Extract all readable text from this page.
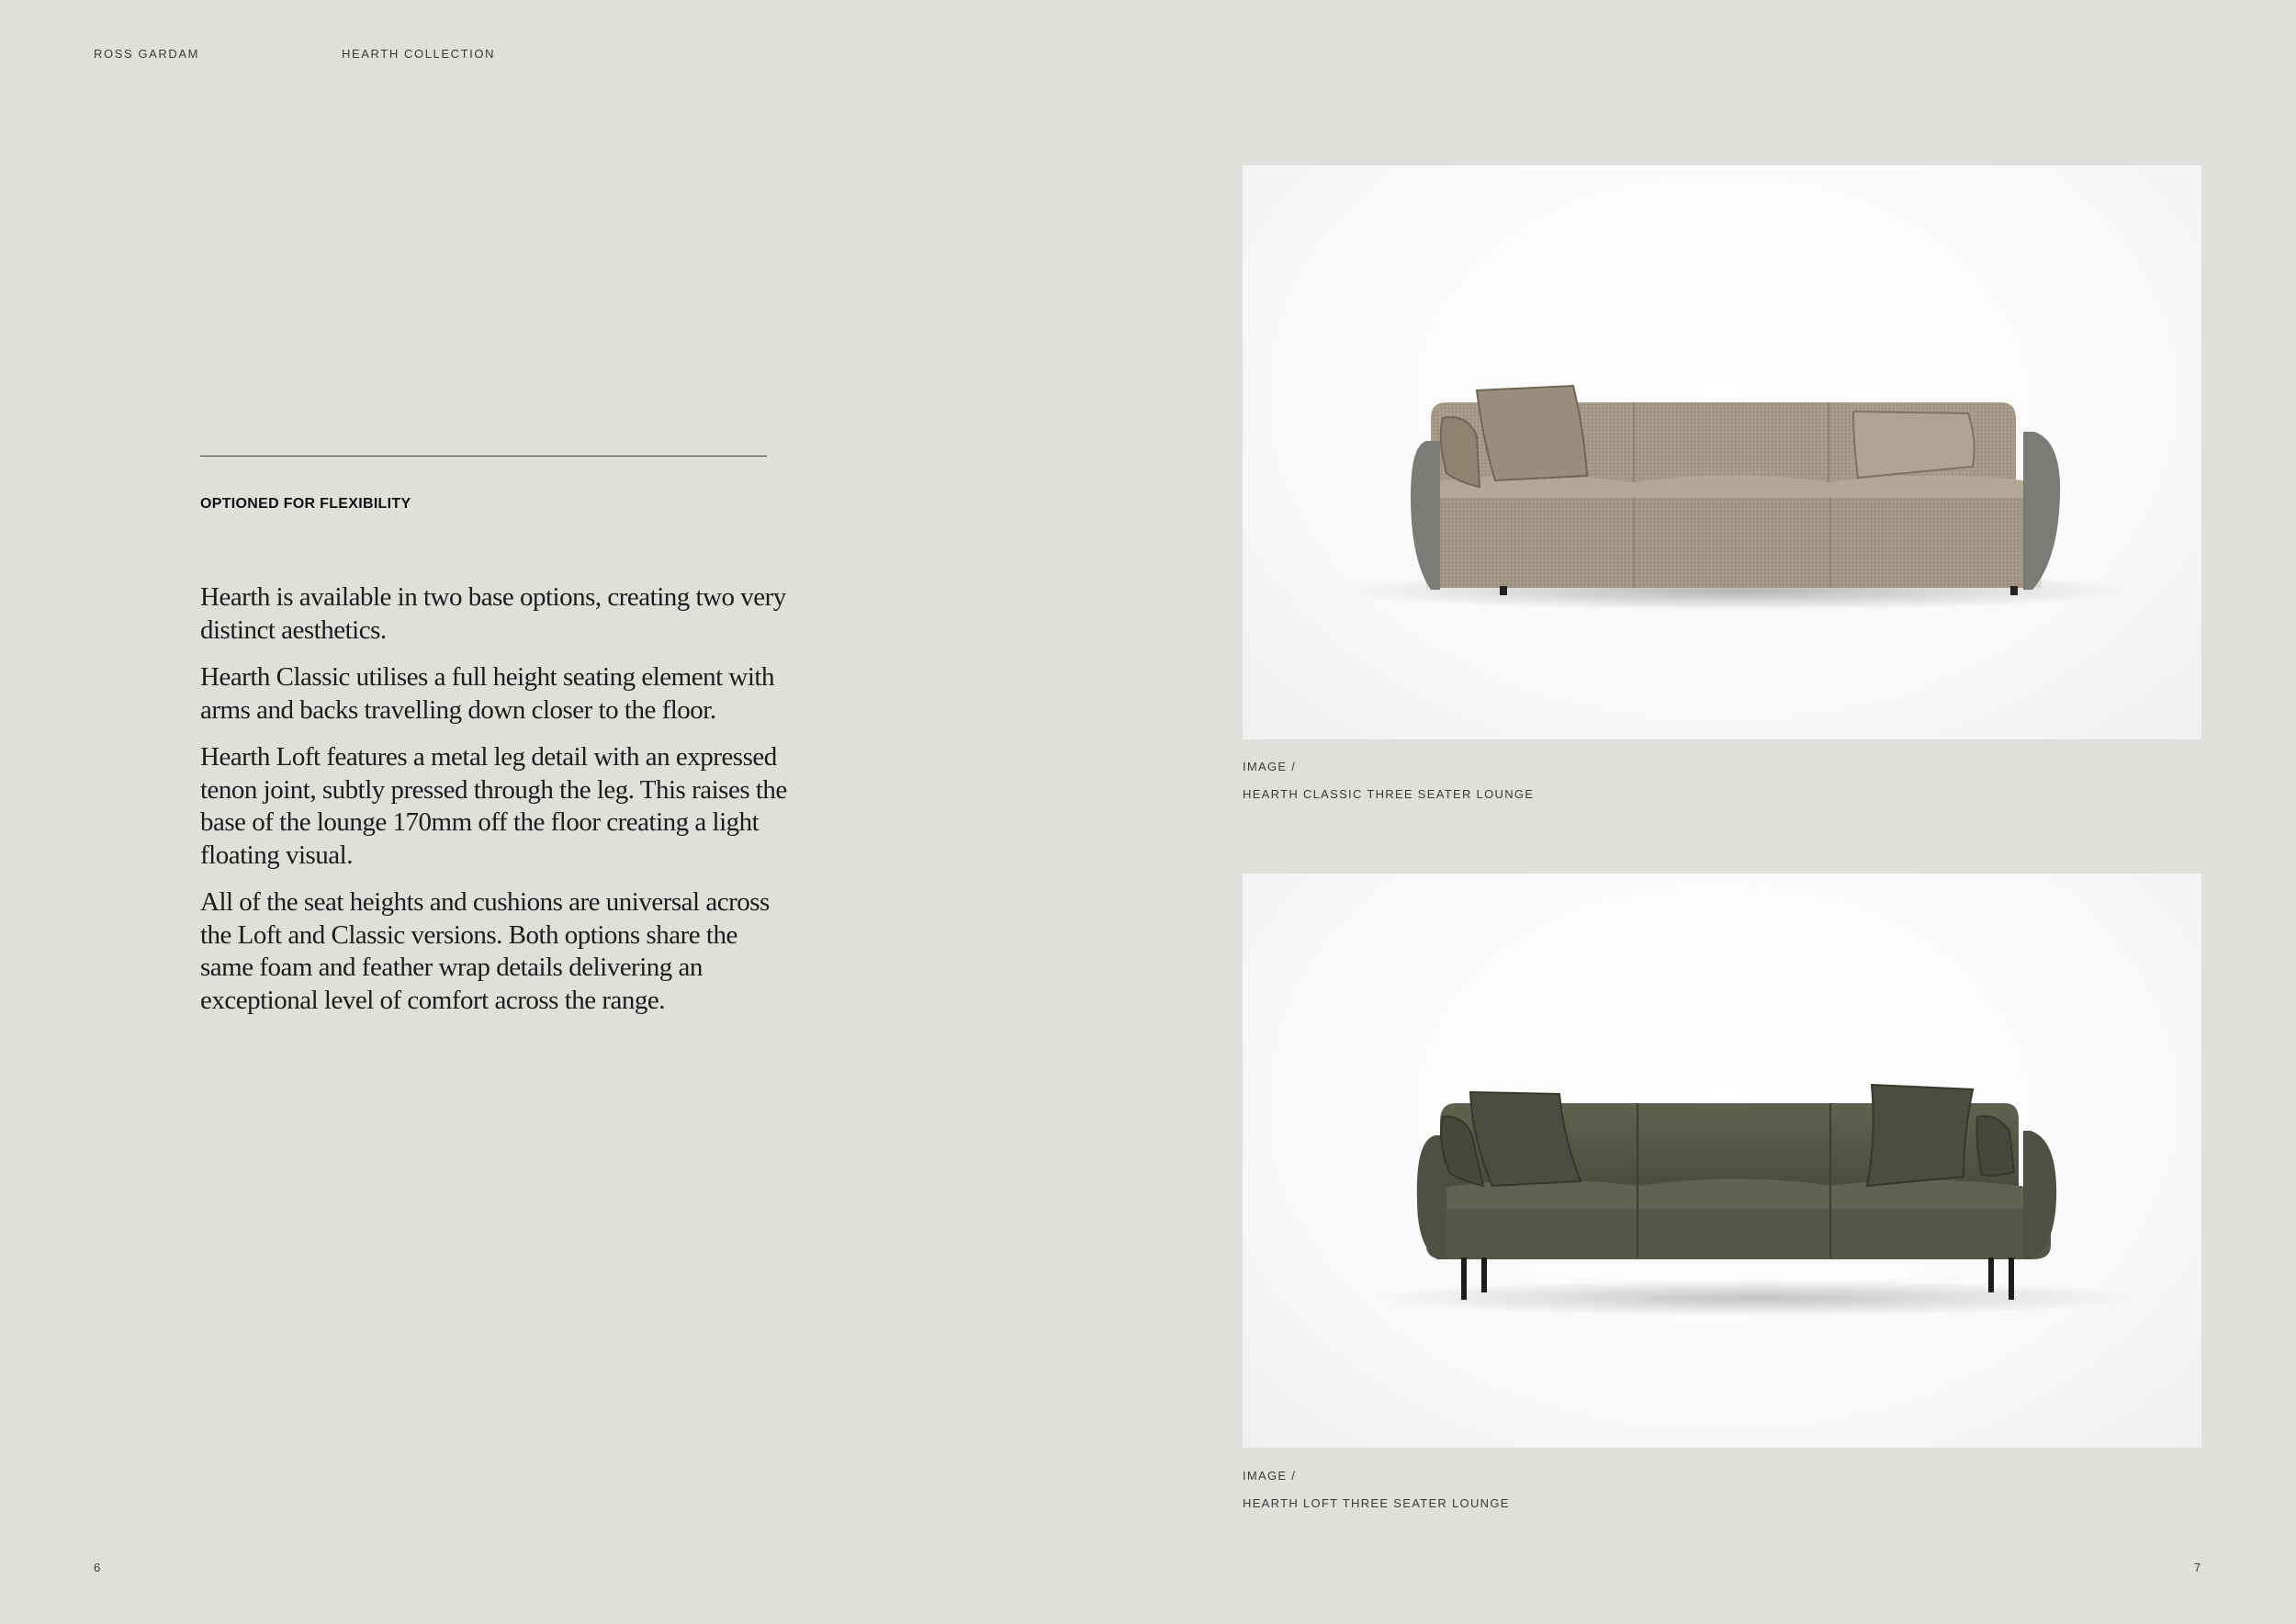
ROSS GARDAM	HEARTH COLLECTION
OPTIONED FOR FLEXIBILITY

Hearth is available in two base options, creating two very distinct aesthetics.

Hearth Classic utilises a full height seating element with arms and backs travelling down closer to the floor.

Hearth Loft features a metal leg detail with an expressed tenon joint, subtly pressed through the leg. This raises the base of the lounge 170mm off the floor creating a light floating visual.

All of the seat heights and cushions are universal across the Loft and Classic versions. Both options share the same foam and feather wrap details delivering an exceptional level of comfort across the range.

IMAGE /
HEARTH CLASSIC THREE SEATER LOUNGE
IMAGE /
HEARTH LOFT THREE SEATER LOUNGE
6	7
